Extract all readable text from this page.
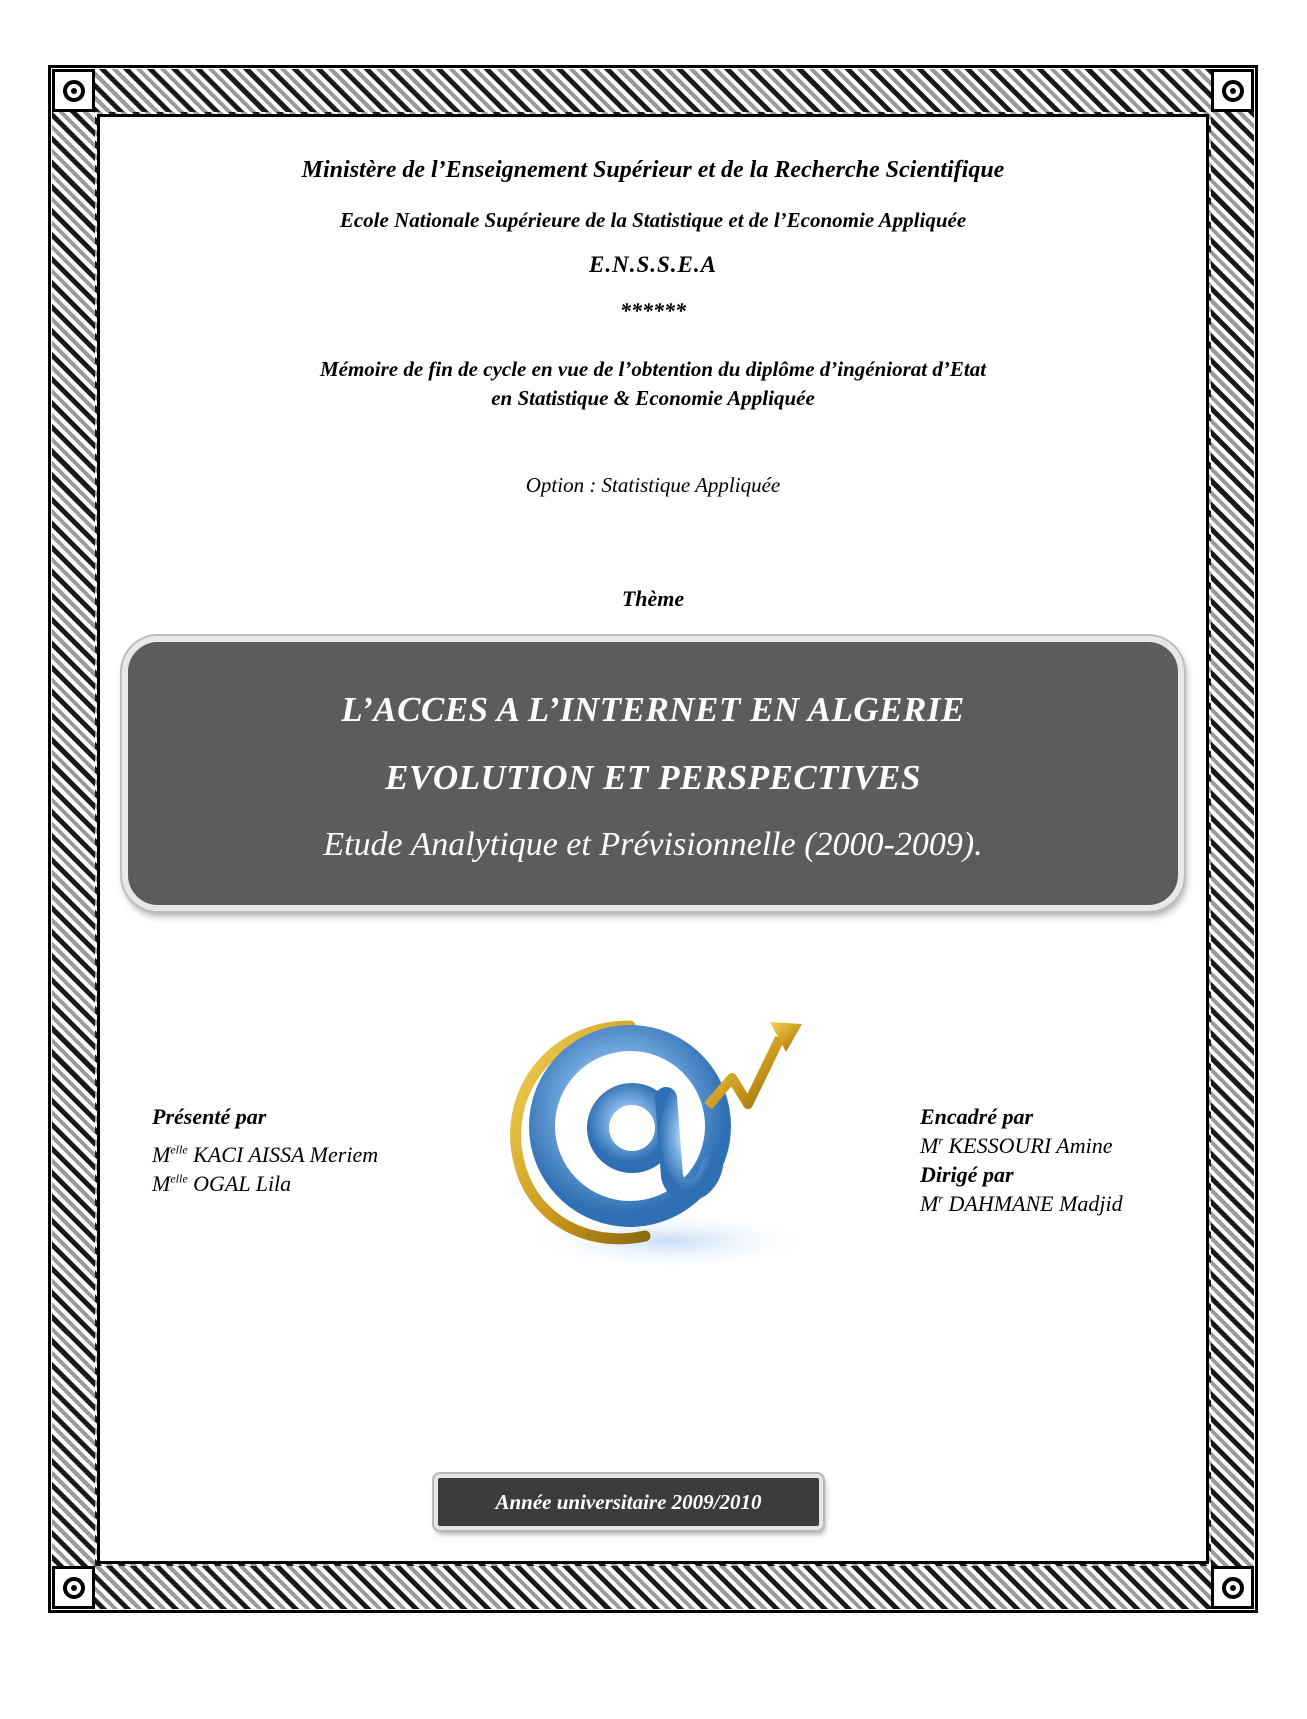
Ministère de l’Enseignement Supérieur et de la Recherche Scientifique
Ecole Nationale Supérieure de la Statistique et de l’Economie Appliquée
E.N.S.S.E.A
******
Mémoire de fin de cycle en vue de l’obtention du diplôme d’ingéniorat d’Etat
en Statistique & Economie Appliquée
Option : Statistique Appliquée
Thème
L’ACCES A L’INTERNET EN ALGERIE
EVOLUTION ET PERSPECTIVES
Etude Analytique et Prévisionnelle (2000-2009).
Présenté par
$M^{elle}$ KACI AISSA Meriem
$M^{elle}$ OGAL Lila
Encadré par
$M^r$ KESSOURI Amine
Dirigé par
$M^r$ DAHMANE Madjid
Année universitaire 2009/2010
